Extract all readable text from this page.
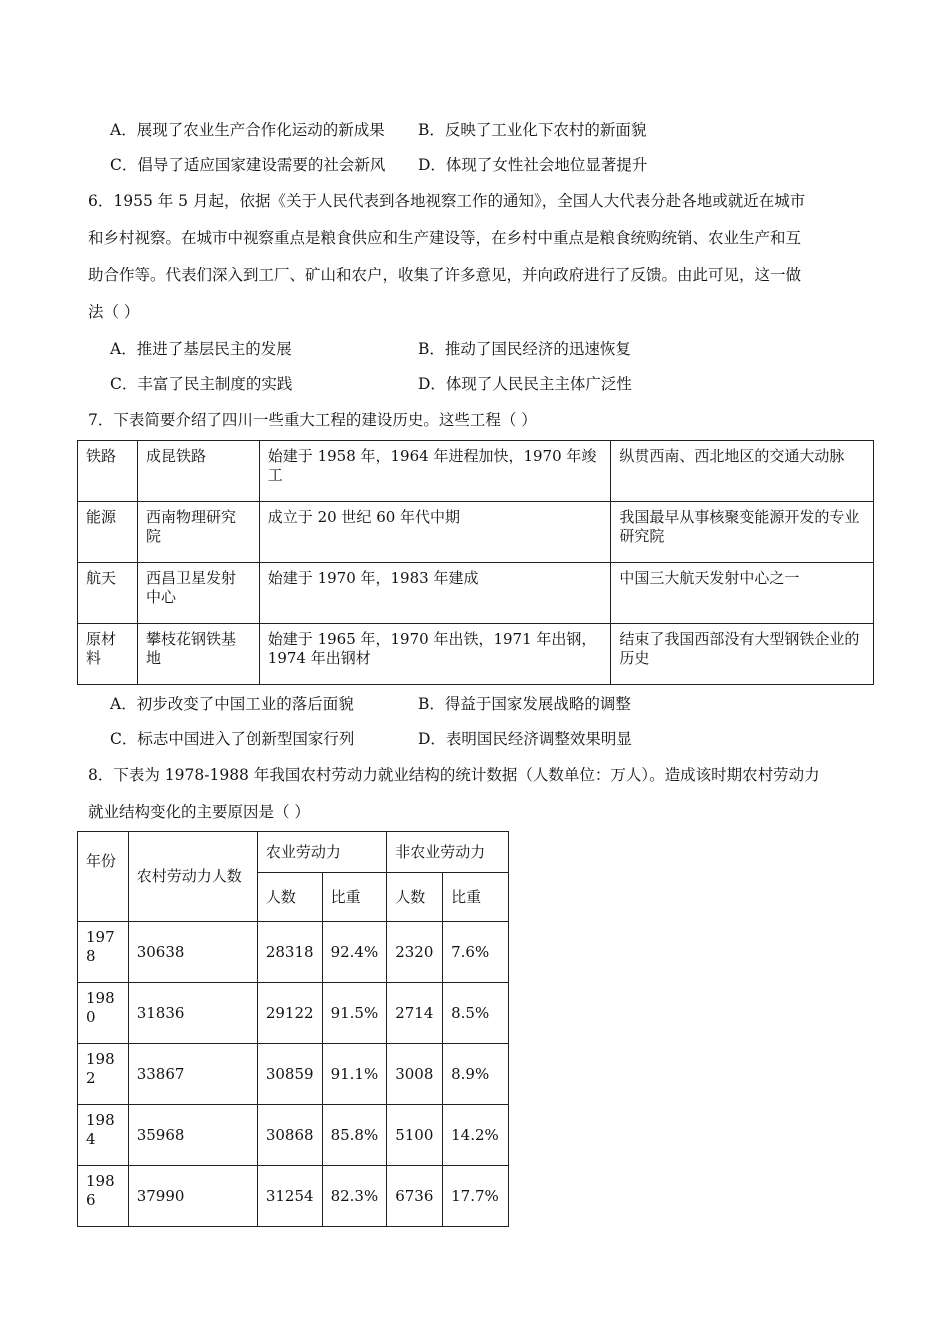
A．展现了农业生产合作化运动的新成果 B．反映了工业化下农村的新面貌
C．倡导了适应国家建设需要的社会新风 D．体现了女性社会地位显著提升
6．1955 年 5 月起，依据《关于人民代表到各地视察工作的通知》，全国人大代表分赴各地或就近在城市
和乡村视察。在城市中视察重点是粮食供应和生产建设等，在乡村中重点是粮食统购统销、农业生产和互
助合作等。代表们深入到工厂、矿山和农户，收集了许多意见，并向政府进行了反馈。由此可见，这一做
法（ ）
A．推进了基层民主的发展	B．推动了国民经济的迅速恢复
C．丰富了民主制度的实践	D．体现了人民民主主体广泛性
7．下表简要介绍了四川一些重大工程的建设历史。这些工程（ ）
铁路	成昆铁路	始建于 1958 年，1964 年进程加快，1970 年竣工	纵贯西南、西北地区的交通大动脉
能源	西南物理研究院	成立于 20 世纪 60 年代中期	我国最早从事核聚变能源开发的专业研究院
航天	西昌卫星发射中心	始建于 1970 年，1983 年建成	中国三大航天发射中心之一
原材料	攀枝花钢铁基地	始建于 1965 年，1970 年出铁，1971 年出钢，1974 年出钢材	结束了我国西部没有大型钢铁企业的历史
A．初步改变了中国工业的落后面貌	B．得益于国家发展战略的调整
C．标志中国进入了创新型国家行列	D．表明国民经济调整效果明显
8．下表为 1978-1988 年我国农村劳动力就业结构的统计数据（人数单位：万人）。造成该时期农村劳动力
就业结构变化的主要原因是（ ）
年份	农村劳动力人数	农业劳动力		非农业劳动力	
		人数	比重	人数	比重
1978	30638	28318	92.4%	2320	7.6%
1980	31836	29122	91.5%	2714	8.5%
1982	33867	30859	91.1%	3008	8.9%
1984	35968	30868	85.8%	5100	14.2%
1986	37990	31254	82.3%	6736	17.7%
